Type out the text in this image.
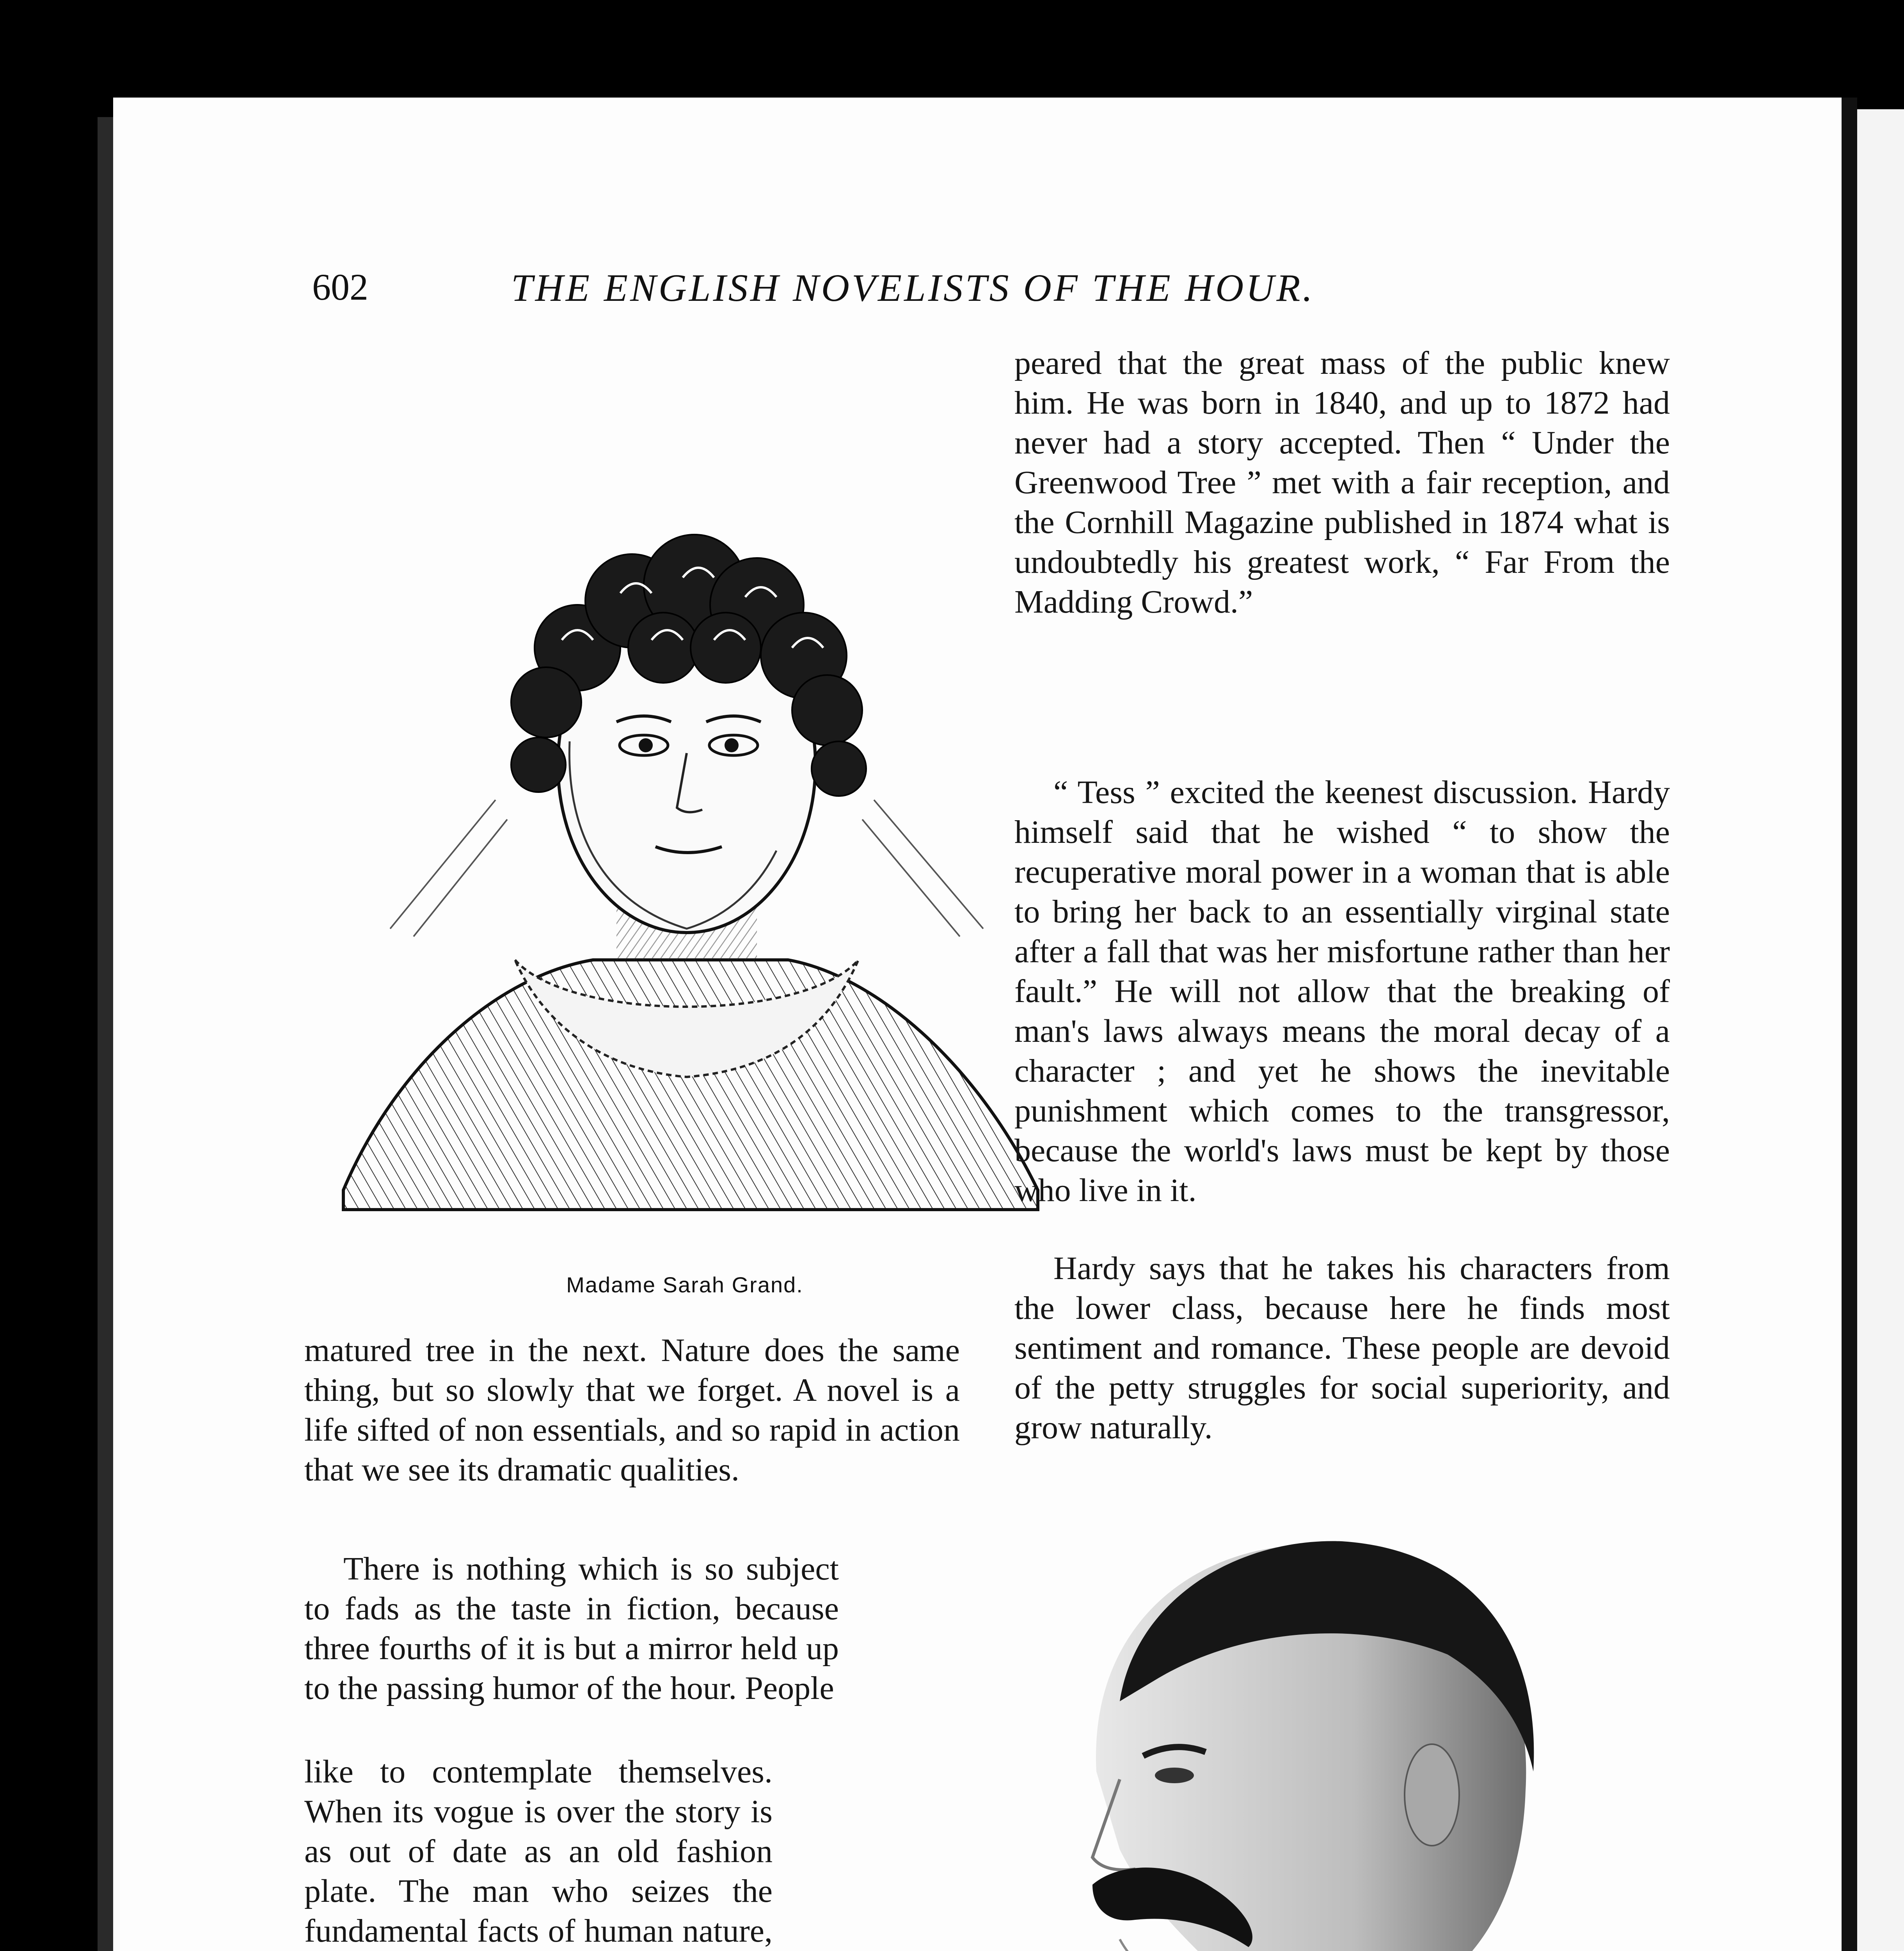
602	THE ENGLISH NOVELISTS OF THE HOUR.
Madame Sarah Grand.

peared that the great mass of the public knew him. He was born in 1840, and up to 1872 had never had a story accepted. Then “ Under the Greenwood Tree ” met with a fair reception, and the Cornhill Magazine published in 1874 what is undoubtedly his greatest work, “ Far From the Madding Crowd.”

“ Tess ” excited the keenest discussion. Hardy himself said that he wished “ to show the recuperative moral power in a woman that is able to bring her back to an essentially virginal state after a fall that was her misfortune rather than her fault.” He will not allow that the breaking of man's laws always means the moral decay of a character ; and yet he shows the inevitable punishment which comes to the transgressor, because the world's laws must be kept by those who live in it.

Hardy says that he takes his characters from the lower class, because here he finds most sentiment and romance. These people are devoid of the petty struggles for social superiority, and grow naturally.

matured tree in the next. Nature does the same thing, but so slowly that we forget. A novel is a life sifted of non essentials, and so rapid in action that we see its dramatic qualities.

There is nothing which is so subject to fads as the taste in fiction, because three fourths of it is but a mirror held up to the passing humor of the hour. People

like to contemplate themselves. When its vogue is over the story is as out of date as an old fashion plate. The man who seizes the fundamental facts of human nature,
